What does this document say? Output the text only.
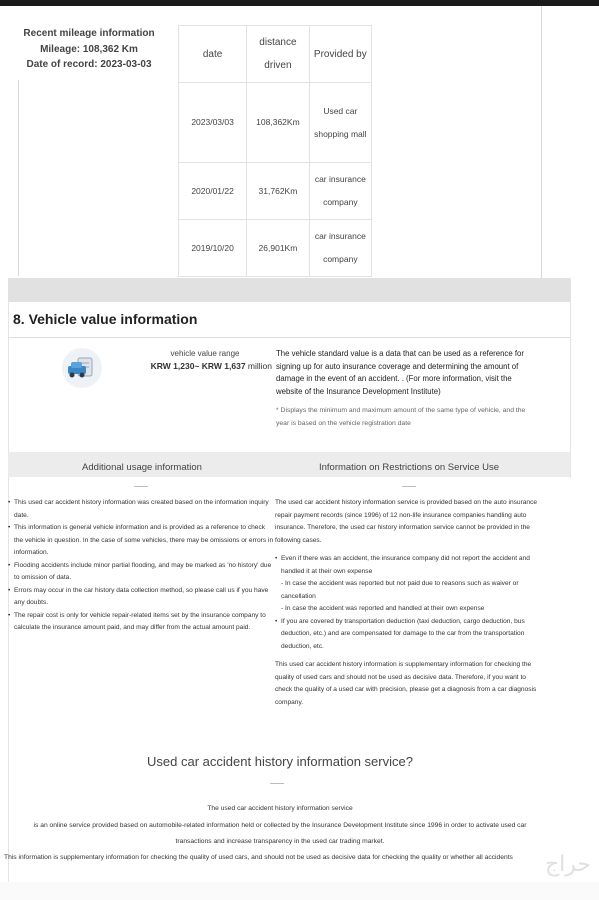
Recent mileage information
Mileage: 108,362 Km
Date of record: 2023-03-03
date	distance driven	Provided by
2023/03/03	108,362Km	Used car shopping mall
2020/01/22	31,762Km	car insurance company
2019/10/20	26,901Km	car insurance company
8. Vehicle value information
vehicle value range
KRW 1,230~ KRW 1,637 million
The vehicle standard value is a data that can be used as a reference for signing up for auto insurance coverage and determining the amount of damage in the event of an accident. . (For more information, visit the website of the Insurance Development Institute)
* Displays the minimum and maximum amount of the same type of vehicle, and the year is based on the vehicle registration date
Additional usage information	Information on Restrictions on Service Use
• This used car accident history information was created based on the information inquiry date.
• This information is general vehicle information and is provided as a reference to check the vehicle in question. In the case of some vehicles, there may be omissions or errors in information.
• Flooding accidents include minor partial flooding, and may be marked as 'no history' due to omission of data.
• Errors may occur in the car history data collection method, so please call us if you have any doubts.
• The repair cost is only for vehicle repair-related items set by the insurance company to calculate the insurance amount paid, and may differ from the actual amount paid.
The used car accident history information service is provided based on the auto insurance repair payment records (since 1996) of 12 non-life insurance companies handling auto insurance. Therefore, the used car history information service cannot be provided in the following cases.
• Even if there was an accident, the insurance company did not report the accident and handled it at their own expense
- In case the accident was reported but not paid due to reasons such as waiver or cancellation
- In case the accident was reported and handled at their own expense
• If you are covered by transportation deduction (taxi deduction, cargo deduction, bus deduction, etc.) and are compensated for damage to the car from the transportation deduction, etc.
This used car accident history information is supplementary information for checking the quality of used cars and should not be used as decisive data. Therefore, if you want to check the quality of a used car with precision, please get a diagnosis from a car diagnosis company.
Used car accident history information service?
The used car accident history information service
is an online service provided based on automobile-related information held or collected by the Insurance Development Institute since 1996 in order to activate used car
transactions and increase transparency in the used car trading market.
This information is supplementary information for checking the quality of used cars, and should not be used as decisive data for checking the quality or whether all accidents	حراج
